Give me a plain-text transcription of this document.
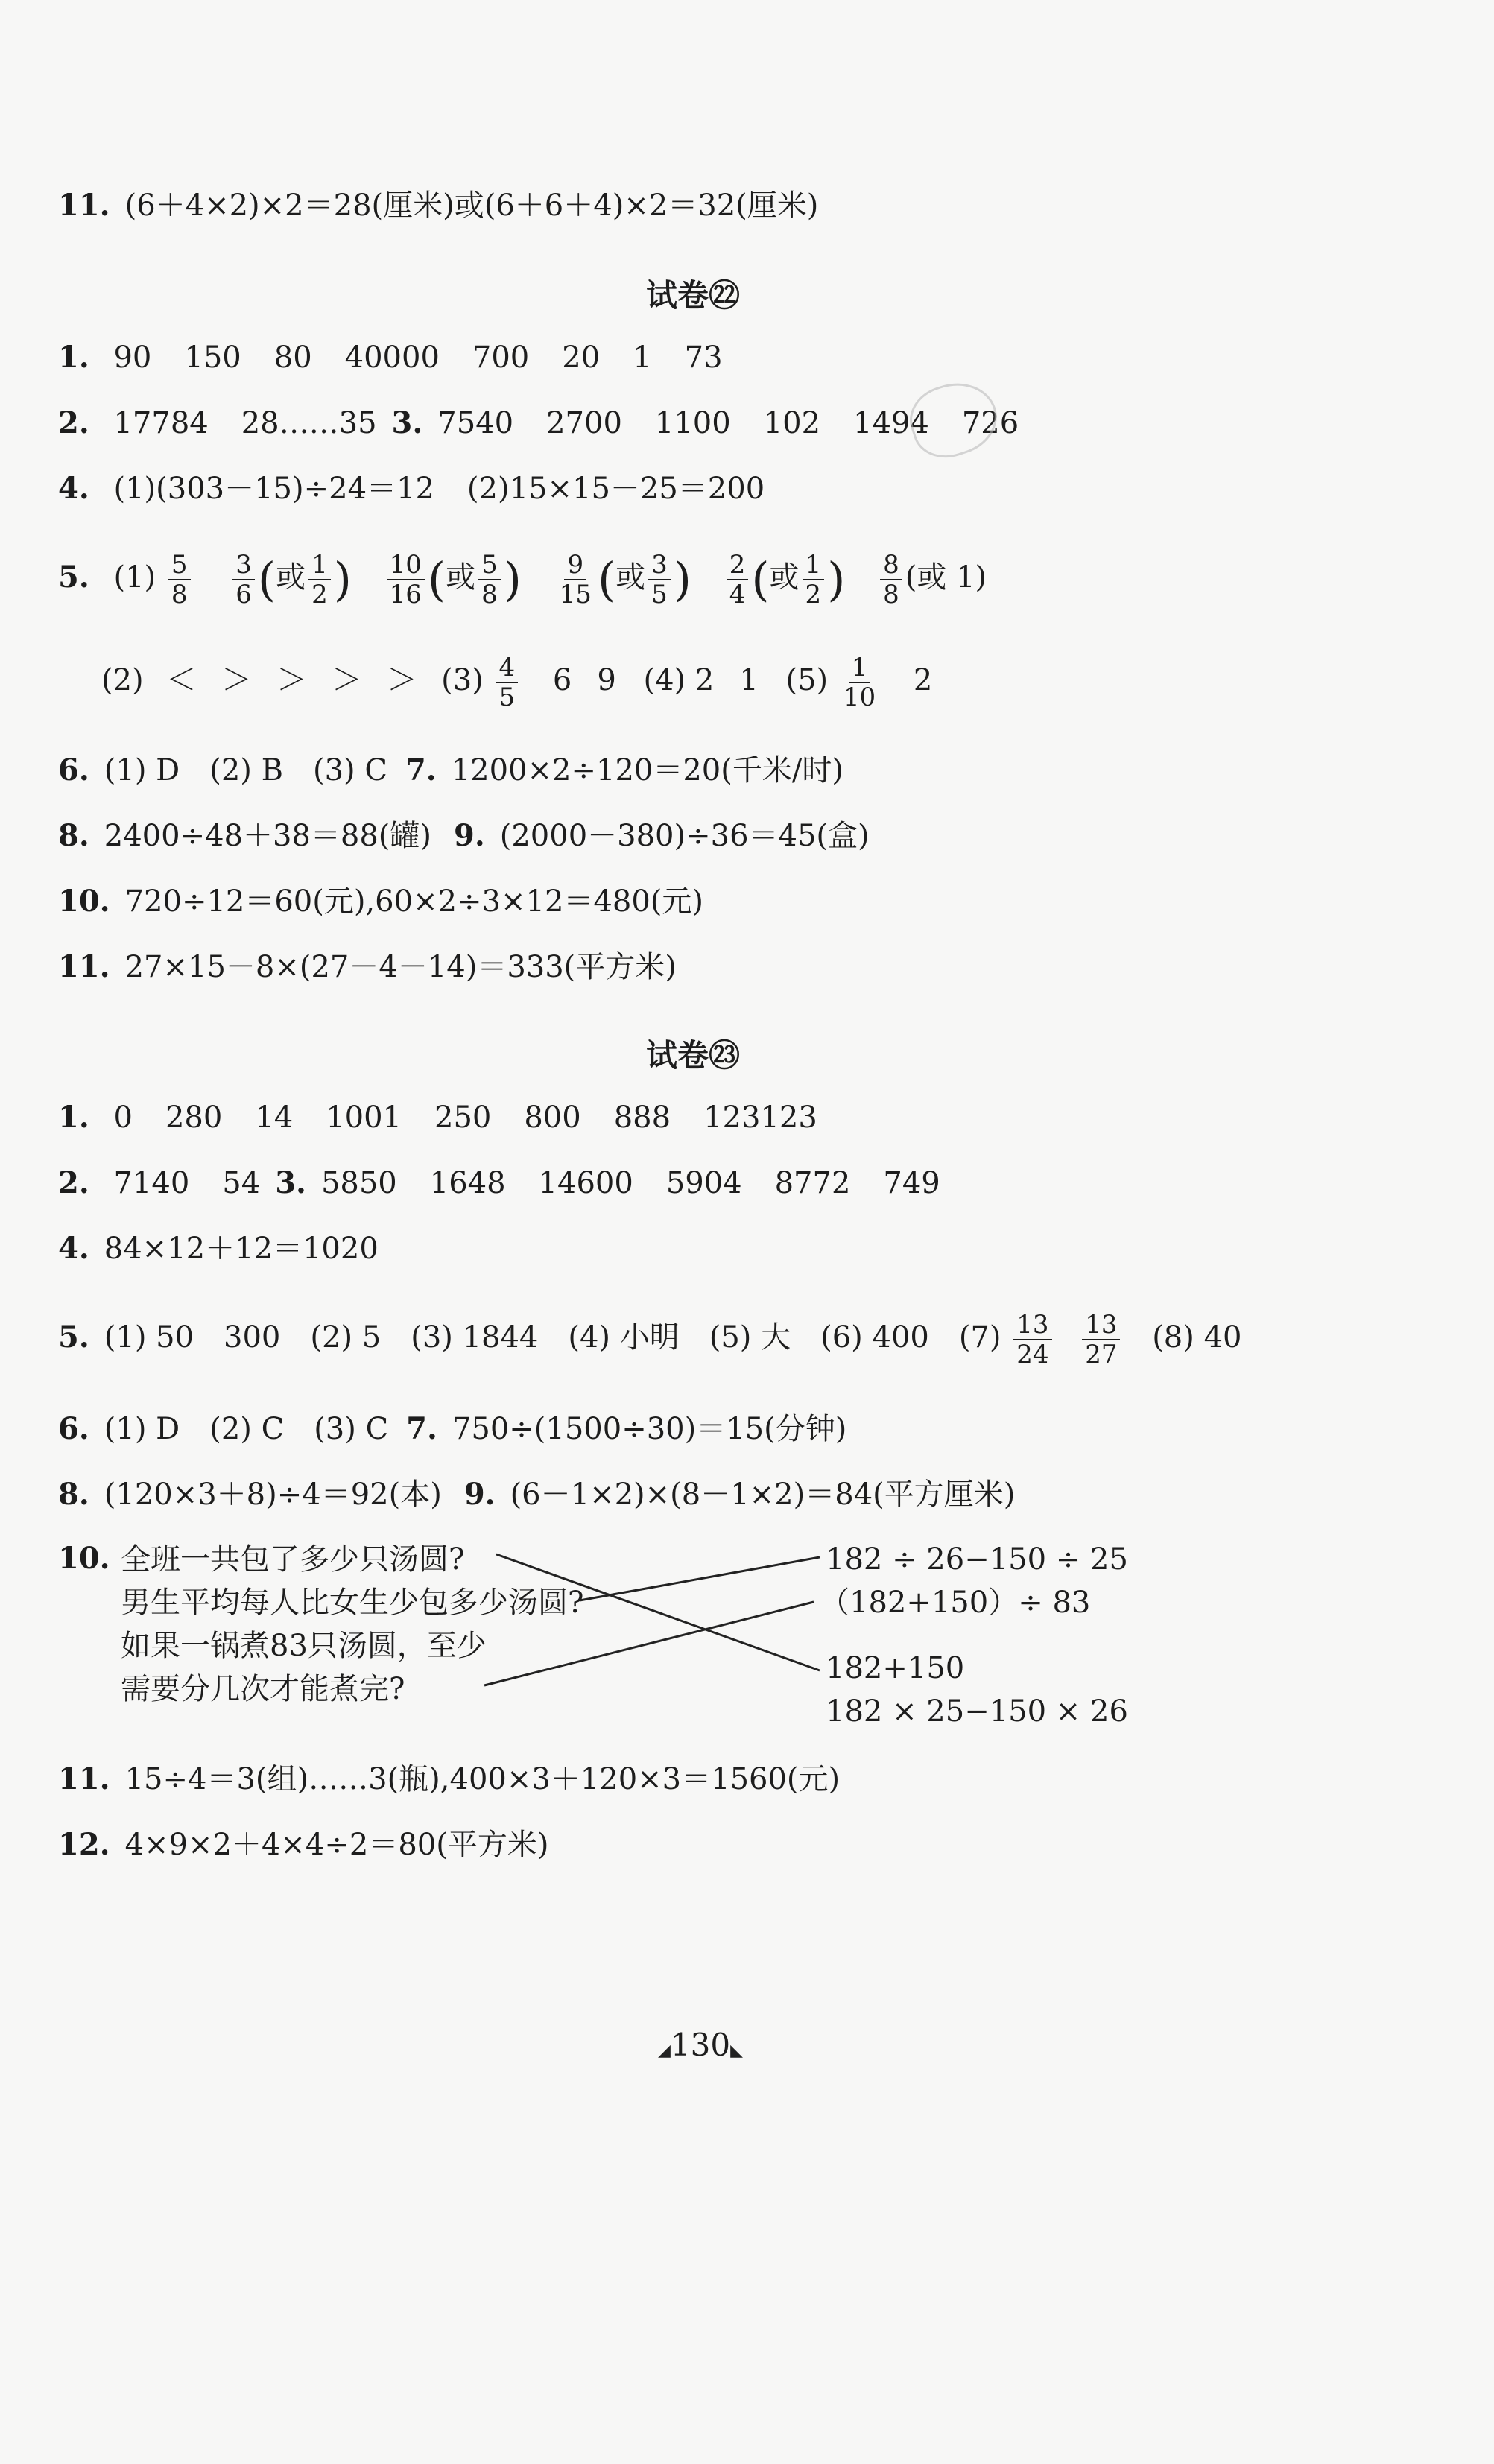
11. (6＋4×2)×2＝28(厘米)或(6＋6＋4)×2＝32(厘米)
试卷㉒
1. 90 150 80 40000 700 20 1 73
2. 17784 28……35 3. 7540 2700 1100 102 1494 726
4. (1)(303－15)÷24＝12 (2)15×15－25＝200
5. $(1) \frac{5}{8}$
$\frac{3}{6}$ (或 $\frac{1}{2}$ ) $\frac{10}{16}$ (或 $\frac{5}{8}$ ) $\frac{9}{15}$ (或 $\frac{3}{5}$ ) $\frac{2}{4}$ (或 $\frac{1}{2}$ ) $\frac{8}{8}$ (或 1)
(2) ＜ ＞ ＞ ＞ ＞ $(3) \frac{4}{5} 6$ 9 (4) 2 1 $(5) \frac{1}{10} 2$
6. (1) D　(2) B　(3) C 7. 1200×2÷120＝20(千米/时)
8. 2400÷48＋38＝88(罐) 9. (2000－380)÷36＝45(盒)
10. 720÷12＝60(元),60×2÷3×12＝480(元)
11. 27×15－8×(27－4－14)＝333(平方米)
试卷㉓
1. 0 280 14 1001 250 800 888 123123
2. 7140 54 3. 5850 1648 14600 5904 8772 749
4. 84×12＋12＝1020
5. (1) 50　300　(2) 5　(3) 1844　(4) 小明　(5) 大　(6) 400　$(7) \frac{13}{24}$
$\frac{13}{27} (8)$ 40
6. (1) D　(2) C　(3) C 7. 750÷(1500÷30)＝15(分钟)
8. (120×3＋8)÷4＝92(本) 9. (6－1×2)×(8－1×2)＝84(平方厘米)
10. 全班一共包了多少只汤圆?
男生平均每人比女生少包多少汤圆?
如果一锅煮83只汤圆，至少
需要分几次才能煮完?
182 ÷ 26−150 ÷ 25
（182+150）÷ 83
182+150
182 × 25−150 × 26
11. 15÷4＝3(组)……3(瓶),400×3＋120×3＝1560(元)
12. 4×9×2＋4×4÷2＝80(平方米)
◢130◣
